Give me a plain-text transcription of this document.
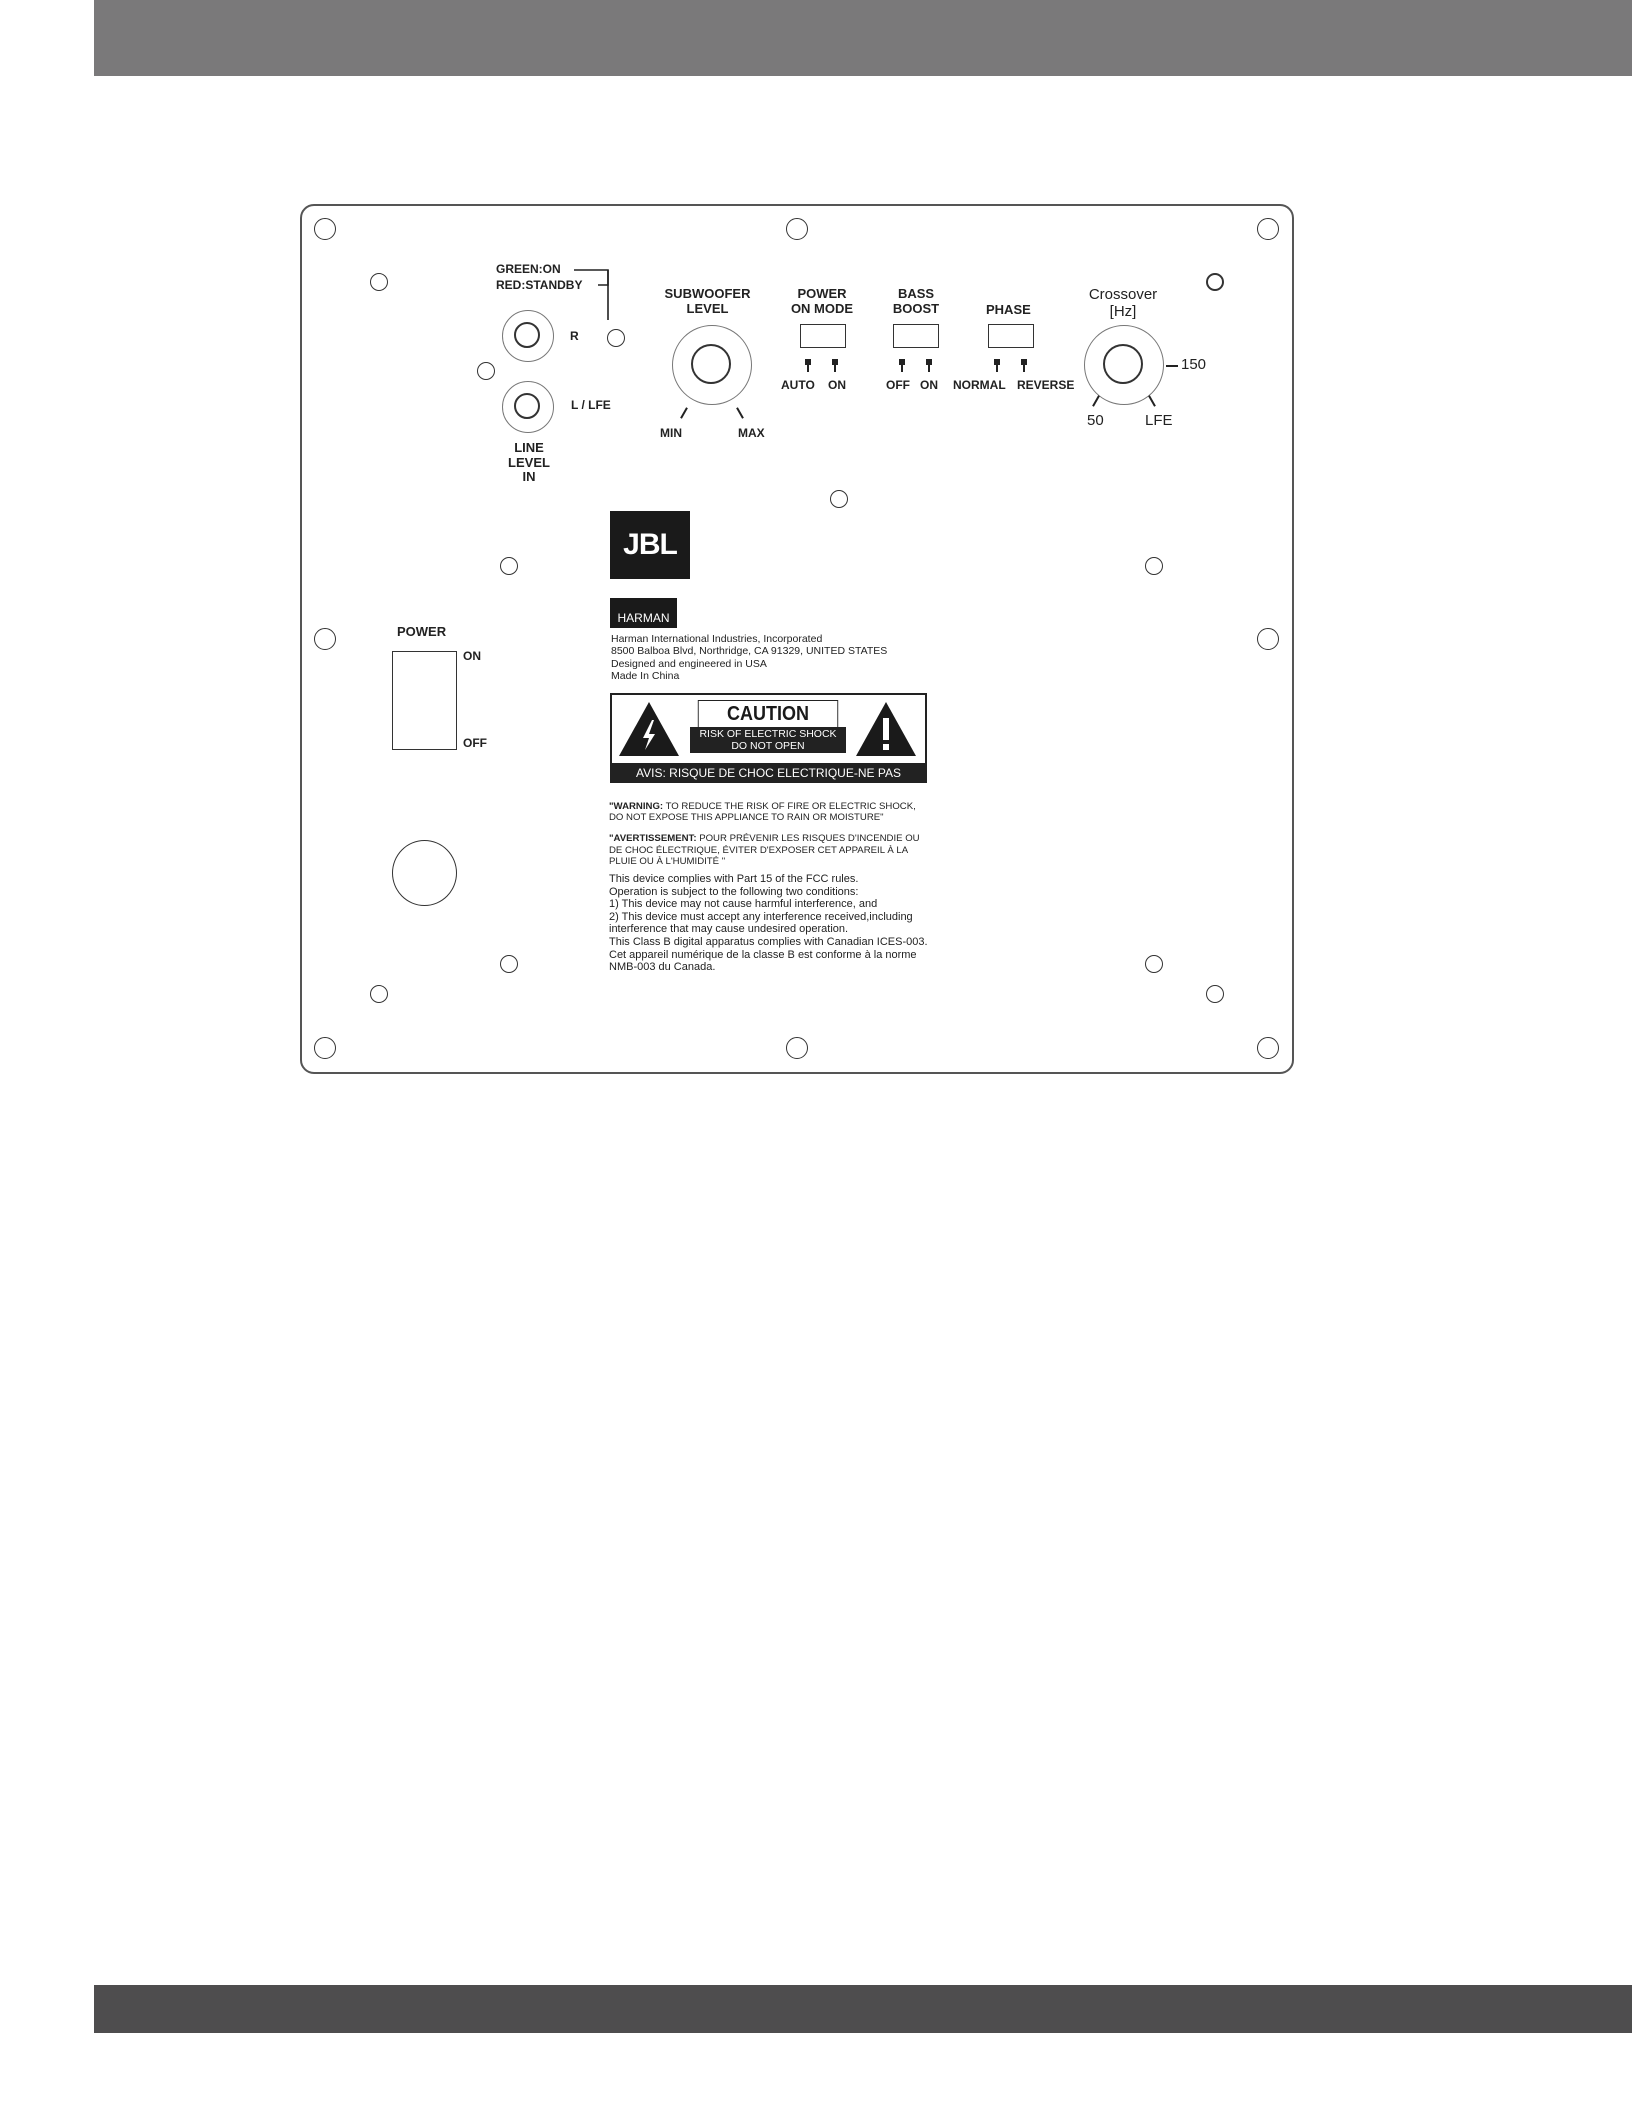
GREEN:ON
RED:STANDBY
R
L / LFE
LINE
LEVEL
IN
SUBWOOFER
LEVEL
MIN	MAX
POWER
ON MODE
AUTO ON
BASS
BOOST
OFF ON
PHASE
NORMAL REVERSE
Crossover
[Hz]
150
50	LFE
JBL
HARMAN
Harman International Industries, Incorporated
8500 Balboa Blvd, Northridge, CA 91329, UNITED STATES
Designed and engineered in USA
Made In China
CAUTION
RISK OF ELECTRIC SHOCK
DO NOT OPEN
AVIS: RISQUE DE CHOC ELECTRIQUE-NE PAS OUVRIR.
"WARNING: TO REDUCE THE RISK OF FIRE OR ELECTRIC SHOCK,
DO NOT EXPOSE THIS APPLIANCE TO RAIN OR MOISTURE"
"AVERTISSEMENT: POUR PRÉVENIR LES RISQUES D'INCENDIE OU
DE CHOC ÉLECTRIQUE, ÉVITER D'EXPOSER CET APPAREIL À LA
PLUIE OU À L'HUMIDITÉ "
This device complies with Part 15 of the FCC rules.
Operation is subject to the following two conditions:
1) This device may not cause harmful interference, and
2) This device must accept any interference received,including
interference that may cause undesired operation.
This Class B digital apparatus complies with Canadian ICES-003.
Cet appareil numérique de la classe B est conforme à la norme
NMB-003 du Canada.
POWER
ON
OFF
